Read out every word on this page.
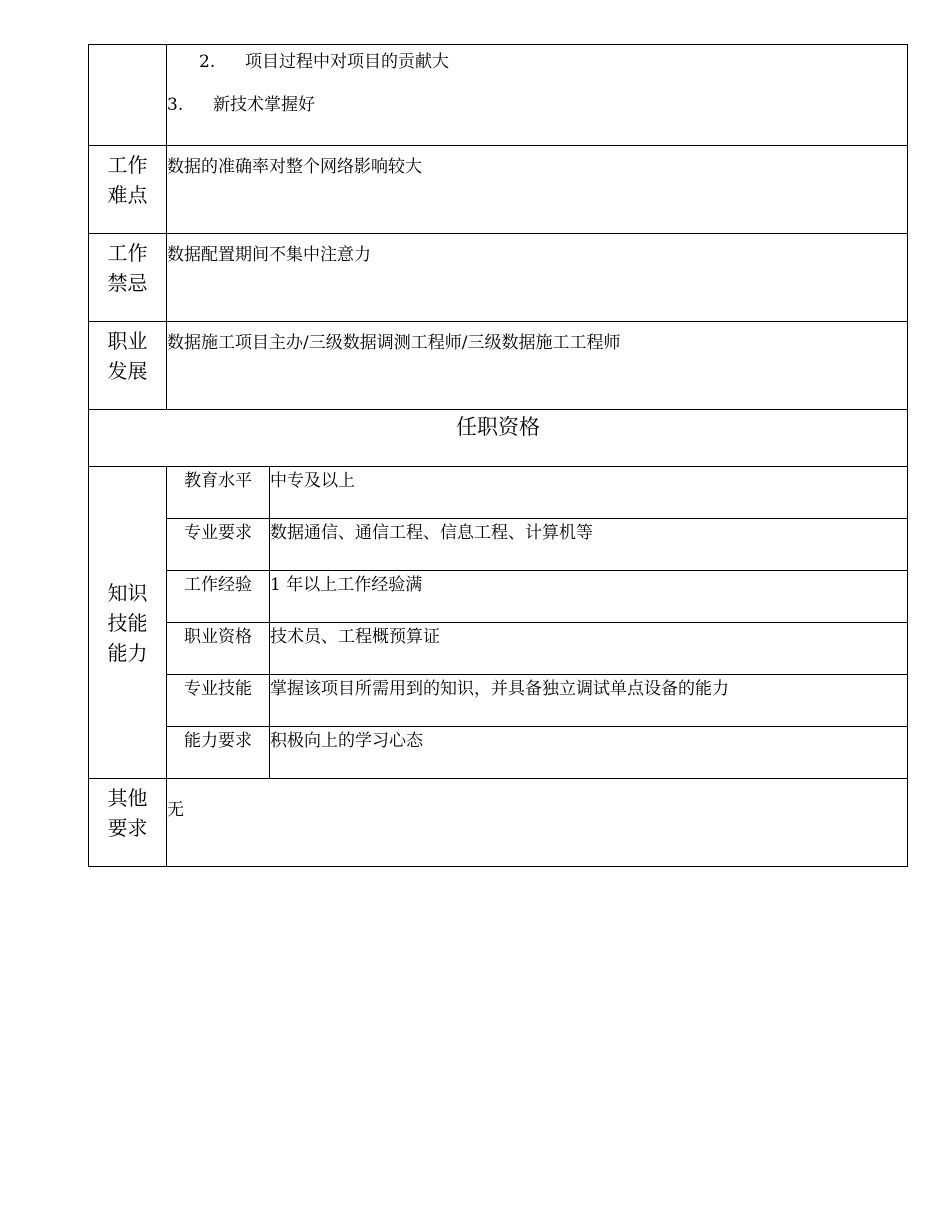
	2. 项目过程中对项目的贡献大
3. 新技术掌握好	

工作
难点	数据的准确率对整个网络影响较大	

工作
禁忌	数据配置期间不集中注意力	

职业
发展	数据施工项目主办/三级数据调测工程师/三级数据施工工程师	
任职资格		

知识
技能
能力	教育水平	中专及以上
	专业要求	数据通信、通信工程、信息工程、计算机等
	工作经验	1 年以上工作经验满
	职业资格	技术员、工程概预算证
	专业技能	掌握该项目所需用到的知识，并具备独立调试单点设备的能力
	能力要求	积极向上的学习心态

其他
要求	无	
